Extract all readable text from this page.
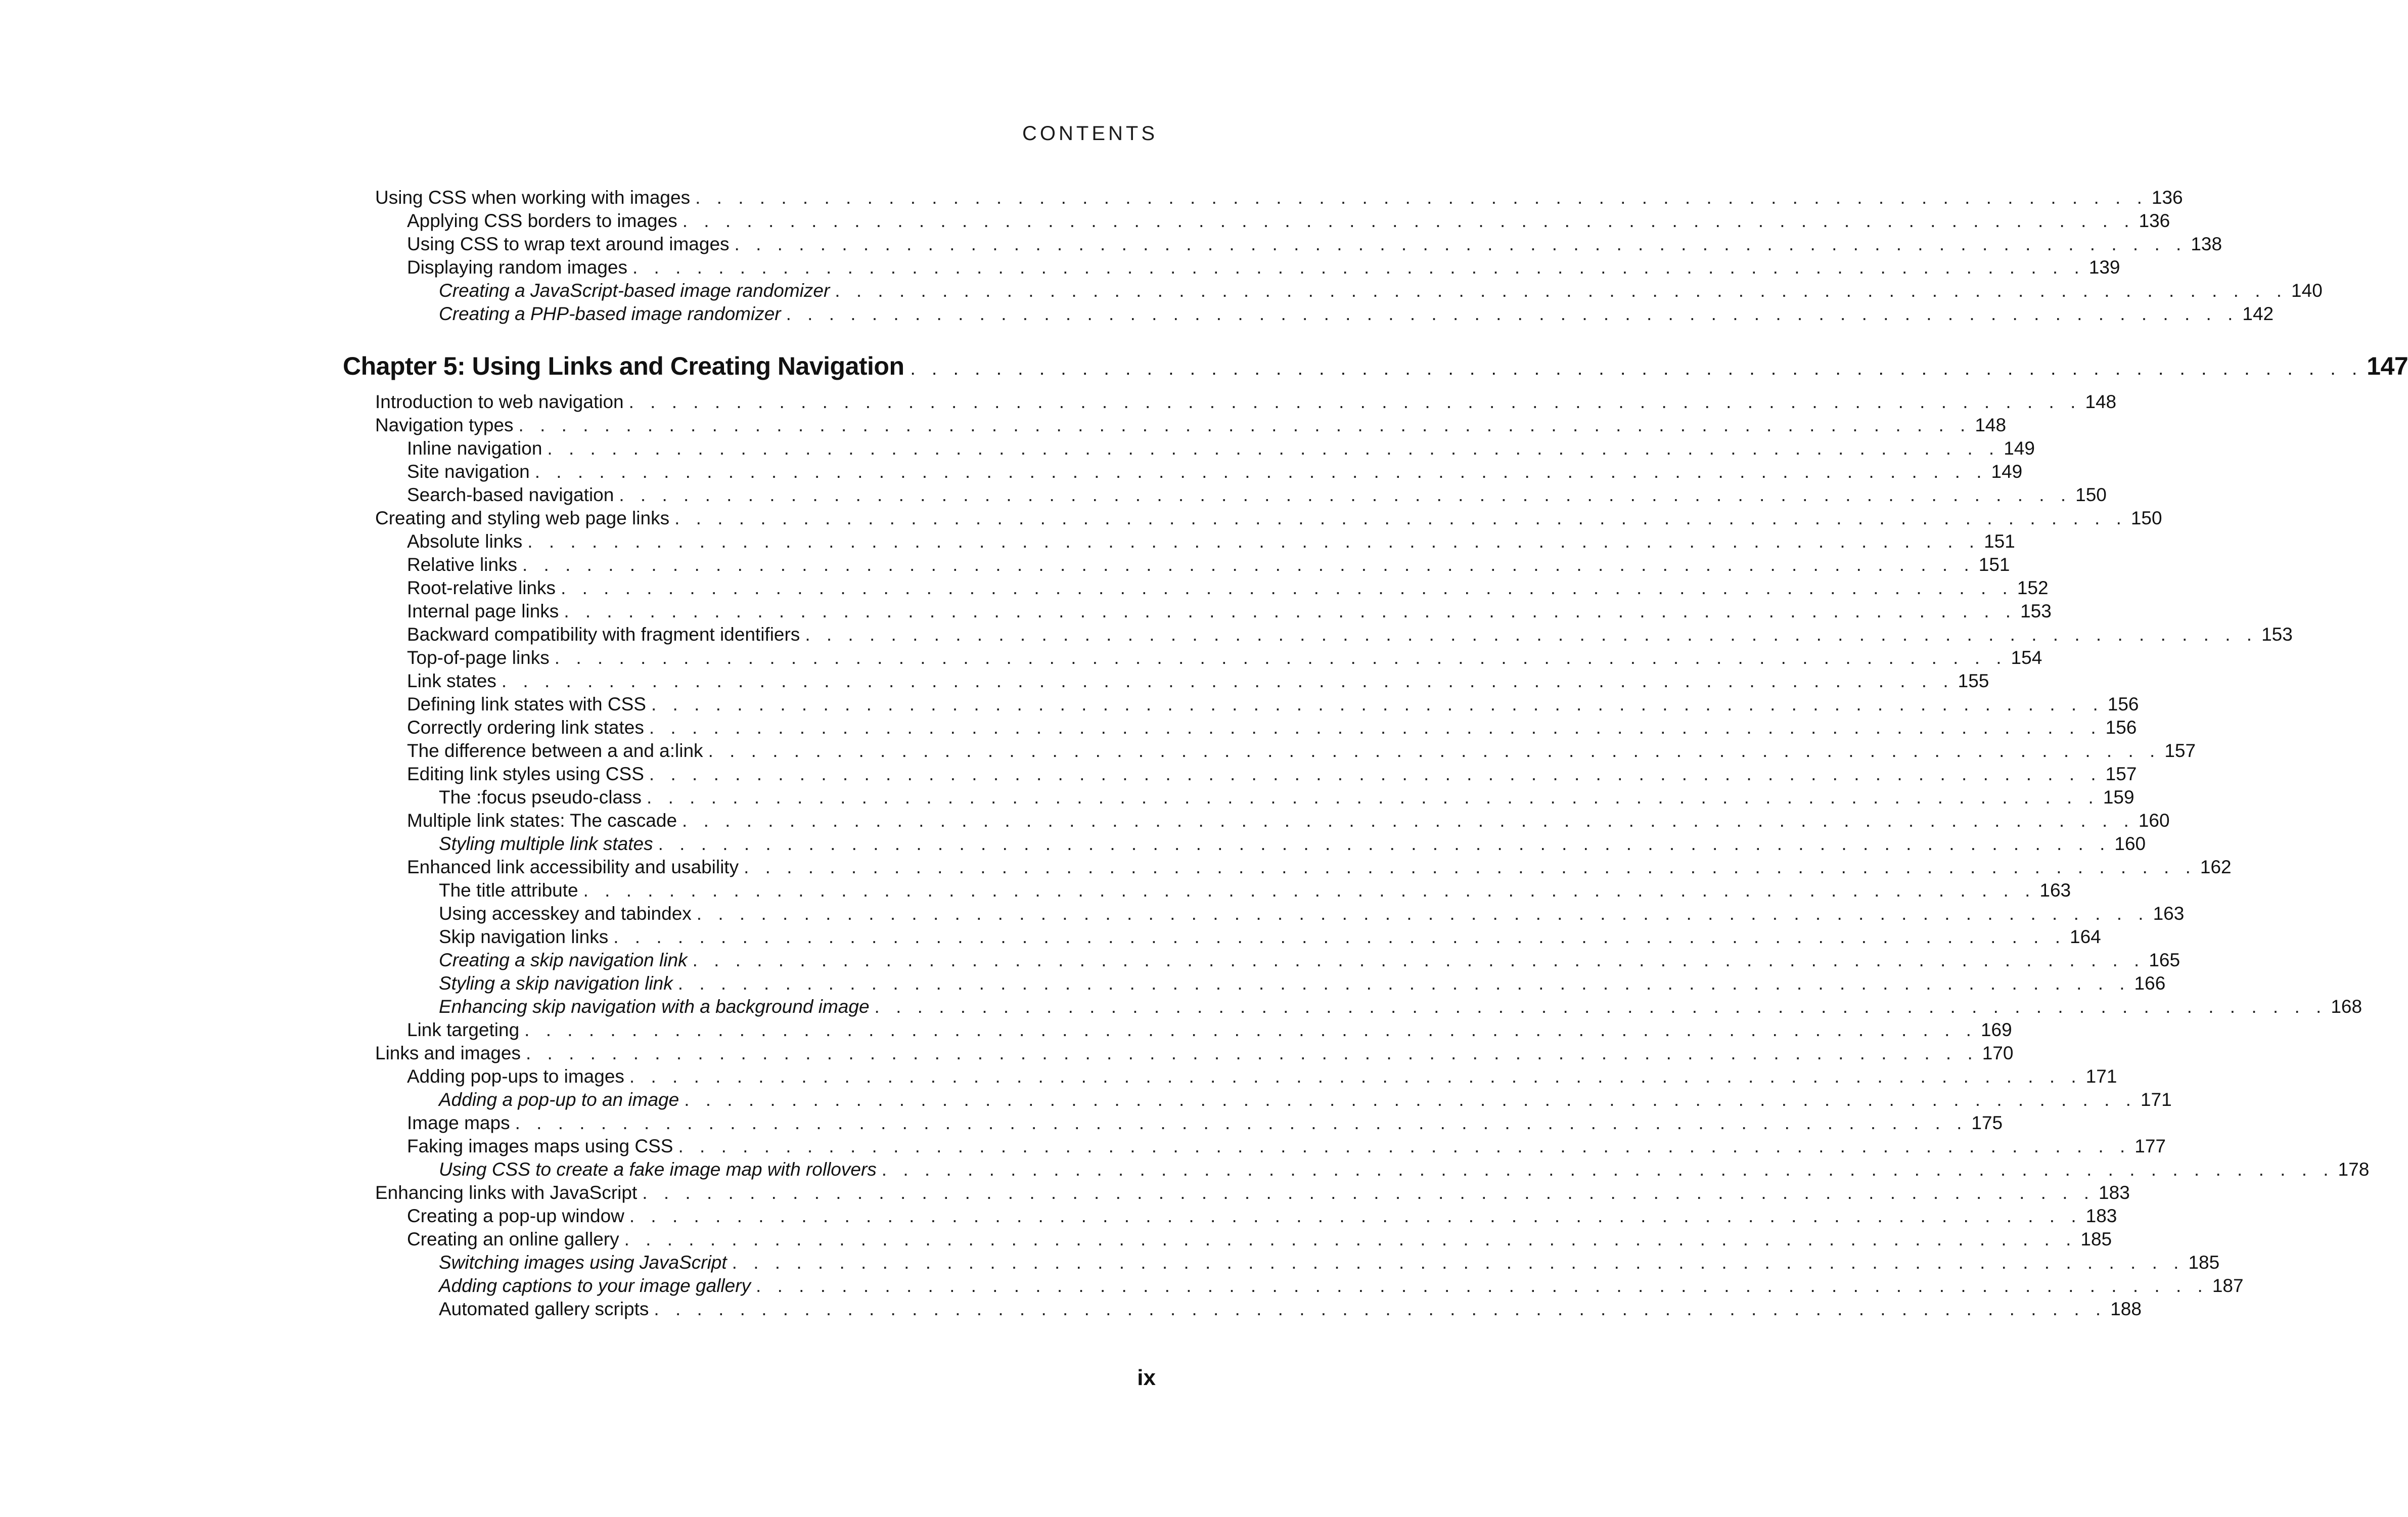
CONTENTS
Using CSS when working with images . . . . . . . . . . . . . . . . . . . . . . . . . . . . . . . . . . . . . . . . . . . . . . . . . . . . . . . . . . . . . . . . . . . . 136
Applying CSS borders to images . . . . . . . . . . . . . . . . . . . . . . . . . . . . . . . . . . . . . . . . . . . . . . . . . . . . . . . . . . . . . . . . . . . . 136
Using CSS to wrap text around images . . . . . . . . . . . . . . . . . . . . . . . . . . . . . . . . . . . . . . . . . . . . . . . . . . . . . . . . . . . . . . . . . . . . 138
Displaying random images . . . . . . . . . . . . . . . . . . . . . . . . . . . . . . . . . . . . . . . . . . . . . . . . . . . . . . . . . . . . . . . . . . . . 139
Creating a JavaScript-based image randomizer . . . . . . . . . . . . . . . . . . . . . . . . . . . . . . . . . . . . . . . . . . . . . . . . . . . . . . . . . . . . . . . . . . . . 140
Creating a PHP-based image randomizer . . . . . . . . . . . . . . . . . . . . . . . . . . . . . . . . . . . . . . . . . . . . . . . . . . . . . . . . . . . . . . . . . . . . 142
Chapter 5: Using Links and Creating Navigation . . . . . . . . . . . . . . . . . . . . . . . . . . . . . . . . . . . . . . . . . . . . . . . . . . . . . . . . . . . . . . . . . . . . 147
Introduction to web navigation . . . . . . . . . . . . . . . . . . . . . . . . . . . . . . . . . . . . . . . . . . . . . . . . . . . . . . . . . . . . . . . . . . . . 148
Navigation types . . . . . . . . . . . . . . . . . . . . . . . . . . . . . . . . . . . . . . . . . . . . . . . . . . . . . . . . . . . . . . . . . . . . 148
Inline navigation . . . . . . . . . . . . . . . . . . . . . . . . . . . . . . . . . . . . . . . . . . . . . . . . . . . . . . . . . . . . . . . . . . . . 149
Site navigation . . . . . . . . . . . . . . . . . . . . . . . . . . . . . . . . . . . . . . . . . . . . . . . . . . . . . . . . . . . . . . . . . . . . 149
Search-based navigation . . . . . . . . . . . . . . . . . . . . . . . . . . . . . . . . . . . . . . . . . . . . . . . . . . . . . . . . . . . . . . . . . . . . 150
Creating and styling web page links . . . . . . . . . . . . . . . . . . . . . . . . . . . . . . . . . . . . . . . . . . . . . . . . . . . . . . . . . . . . . . . . . . . . 150
Absolute links . . . . . . . . . . . . . . . . . . . . . . . . . . . . . . . . . . . . . . . . . . . . . . . . . . . . . . . . . . . . . . . . . . . . 151
Relative links . . . . . . . . . . . . . . . . . . . . . . . . . . . . . . . . . . . . . . . . . . . . . . . . . . . . . . . . . . . . . . . . . . . . 151
Root-relative links . . . . . . . . . . . . . . . . . . . . . . . . . . . . . . . . . . . . . . . . . . . . . . . . . . . . . . . . . . . . . . . . . . . . 152
Internal page links . . . . . . . . . . . . . . . . . . . . . . . . . . . . . . . . . . . . . . . . . . . . . . . . . . . . . . . . . . . . . . . . . . . . 153
Backward compatibility with fragment identifiers . . . . . . . . . . . . . . . . . . . . . . . . . . . . . . . . . . . . . . . . . . . . . . . . . . . . . . . . . . . . . . . . . . . . 153
Top-of-page links . . . . . . . . . . . . . . . . . . . . . . . . . . . . . . . . . . . . . . . . . . . . . . . . . . . . . . . . . . . . . . . . . . . . 154
Link states . . . . . . . . . . . . . . . . . . . . . . . . . . . . . . . . . . . . . . . . . . . . . . . . . . . . . . . . . . . . . . . . . . . . 155
Defining link states with CSS . . . . . . . . . . . . . . . . . . . . . . . . . . . . . . . . . . . . . . . . . . . . . . . . . . . . . . . . . . . . . . . . . . . . 156
Correctly ordering link states . . . . . . . . . . . . . . . . . . . . . . . . . . . . . . . . . . . . . . . . . . . . . . . . . . . . . . . . . . . . . . . . . . . . 156
The difference between a and a:link . . . . . . . . . . . . . . . . . . . . . . . . . . . . . . . . . . . . . . . . . . . . . . . . . . . . . . . . . . . . . . . . . . . . 157
Editing link styles using CSS . . . . . . . . . . . . . . . . . . . . . . . . . . . . . . . . . . . . . . . . . . . . . . . . . . . . . . . . . . . . . . . . . . . . 157
The :focus pseudo-class . . . . . . . . . . . . . . . . . . . . . . . . . . . . . . . . . . . . . . . . . . . . . . . . . . . . . . . . . . . . . . . . . . . . 159
Multiple link states: The cascade . . . . . . . . . . . . . . . . . . . . . . . . . . . . . . . . . . . . . . . . . . . . . . . . . . . . . . . . . . . . . . . . . . . . 160
Styling multiple link states . . . . . . . . . . . . . . . . . . . . . . . . . . . . . . . . . . . . . . . . . . . . . . . . . . . . . . . . . . . . . . . . . . . . 160
Enhanced link accessibility and usability . . . . . . . . . . . . . . . . . . . . . . . . . . . . . . . . . . . . . . . . . . . . . . . . . . . . . . . . . . . . . . . . . . . . 162
The title attribute . . . . . . . . . . . . . . . . . . . . . . . . . . . . . . . . . . . . . . . . . . . . . . . . . . . . . . . . . . . . . . . . . . . . 163
Using accesskey and tabindex . . . . . . . . . . . . . . . . . . . . . . . . . . . . . . . . . . . . . . . . . . . . . . . . . . . . . . . . . . . . . . . . . . . . 163
Skip navigation links . . . . . . . . . . . . . . . . . . . . . . . . . . . . . . . . . . . . . . . . . . . . . . . . . . . . . . . . . . . . . . . . . . . . 164
Creating a skip navigation link . . . . . . . . . . . . . . . . . . . . . . . . . . . . . . . . . . . . . . . . . . . . . . . . . . . . . . . . . . . . . . . . . . . . 165
Styling a skip navigation link . . . . . . . . . . . . . . . . . . . . . . . . . . . . . . . . . . . . . . . . . . . . . . . . . . . . . . . . . . . . . . . . . . . . 166
Enhancing skip navigation with a background image . . . . . . . . . . . . . . . . . . . . . . . . . . . . . . . . . . . . . . . . . . . . . . . . . . . . . . . . . . . . . . . . . . . . 168
Link targeting . . . . . . . . . . . . . . . . . . . . . . . . . . . . . . . . . . . . . . . . . . . . . . . . . . . . . . . . . . . . . . . . . . . . 169
Links and images . . . . . . . . . . . . . . . . . . . . . . . . . . . . . . . . . . . . . . . . . . . . . . . . . . . . . . . . . . . . . . . . . . . . 170
Adding pop-ups to images . . . . . . . . . . . . . . . . . . . . . . . . . . . . . . . . . . . . . . . . . . . . . . . . . . . . . . . . . . . . . . . . . . . . 171
Adding a pop-up to an image . . . . . . . . . . . . . . . . . . . . . . . . . . . . . . . . . . . . . . . . . . . . . . . . . . . . . . . . . . . . . . . . . . . . 171
Image maps . . . . . . . . . . . . . . . . . . . . . . . . . . . . . . . . . . . . . . . . . . . . . . . . . . . . . . . . . . . . . . . . . . . . 175
Faking images maps using CSS . . . . . . . . . . . . . . . . . . . . . . . . . . . . . . . . . . . . . . . . . . . . . . . . . . . . . . . . . . . . . . . . . . . . 177
Using CSS to create a fake image map with rollovers . . . . . . . . . . . . . . . . . . . . . . . . . . . . . . . . . . . . . . . . . . . . . . . . . . . . . . . . . . . . . . . . . . . . 178
Enhancing links with JavaScript . . . . . . . . . . . . . . . . . . . . . . . . . . . . . . . . . . . . . . . . . . . . . . . . . . . . . . . . . . . . . . . . . . . . 183
Creating a pop-up window . . . . . . . . . . . . . . . . . . . . . . . . . . . . . . . . . . . . . . . . . . . . . . . . . . . . . . . . . . . . . . . . . . . . 183
Creating an online gallery . . . . . . . . . . . . . . . . . . . . . . . . . . . . . . . . . . . . . . . . . . . . . . . . . . . . . . . . . . . . . . . . . . . . 185
Switching images using JavaScript . . . . . . . . . . . . . . . . . . . . . . . . . . . . . . . . . . . . . . . . . . . . . . . . . . . . . . . . . . . . . . . . . . . . 185
Adding captions to your image gallery . . . . . . . . . . . . . . . . . . . . . . . . . . . . . . . . . . . . . . . . . . . . . . . . . . . . . . . . . . . . . . . . . . . . 187
Automated gallery scripts . . . . . . . . . . . . . . . . . . . . . . . . . . . . . . . . . . . . . . . . . . . . . . . . . . . . . . . . . . . . . . . . . . . . 188
ix
